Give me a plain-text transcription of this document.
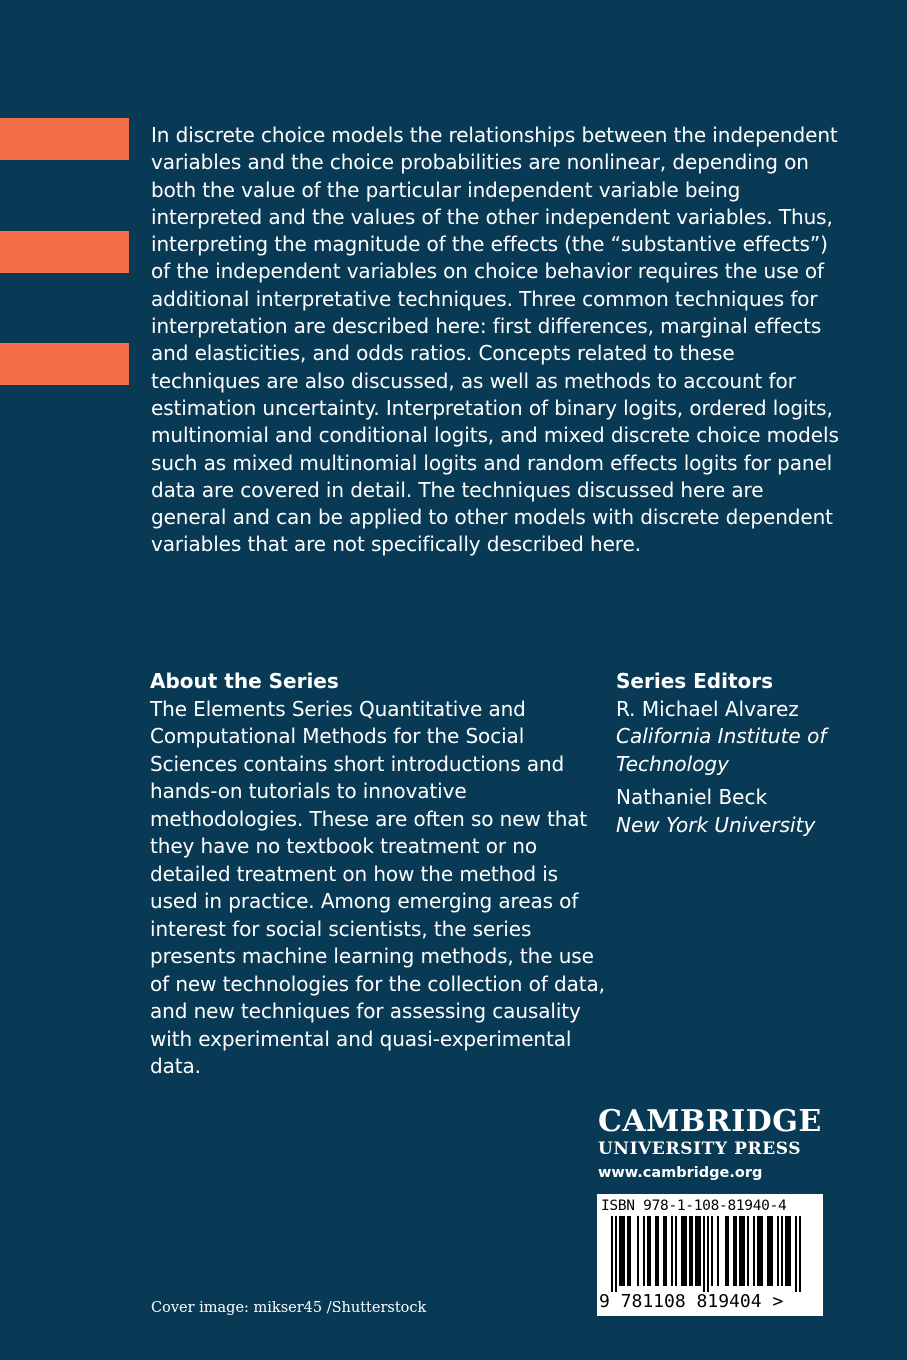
In discrete choice models the relationships between the independent variables and the choice probabilities are nonlinear, depending on both the value of the particular independent variable being interpreted and the values of the other independent variables. Thus, interpreting the magnitude of the effects (the “substantive effects”) of the independent variables on choice behavior requires the use of additional interpretative techniques. Three common techniques for interpretation are described here: first differences, marginal effects and elasticities, and odds ratios. Concepts related to these techniques are also discussed, as well as methods to account for estimation uncertainty. Interpretation of binary logits, ordered logits, multinomial and conditional logits, and mixed discrete choice models such as mixed multinomial logits and random effects logits for panel data are covered in detail. The techniques discussed here are general and can be applied to other models with discrete dependent variables that are not specifically described here.

About the Series

The Elements Series Quantitative and Computational Methods for the Social Sciences contains short introductions and hands-on tutorials to innovative methodologies. These are often so new that they have no textbook treatment or no detailed treatment on how the method is used in practice. Among emerging areas of interest for social scientists, the series presents machine learning methods, the use of new technologies for the collection of data, and new techniques for assessing causality with experimental and quasi-experimental data.

Series Editors

R. Michael Alvarez

California Institute of Technology

Nathaniel Beck

New York University

CAMBRIDGE

UNIVERSITY PRESS

www.cambridge.org

ISBN 978-1-108-81940-4
9 781108 819404 >

Cover image: mikser45 /Shutterstock
